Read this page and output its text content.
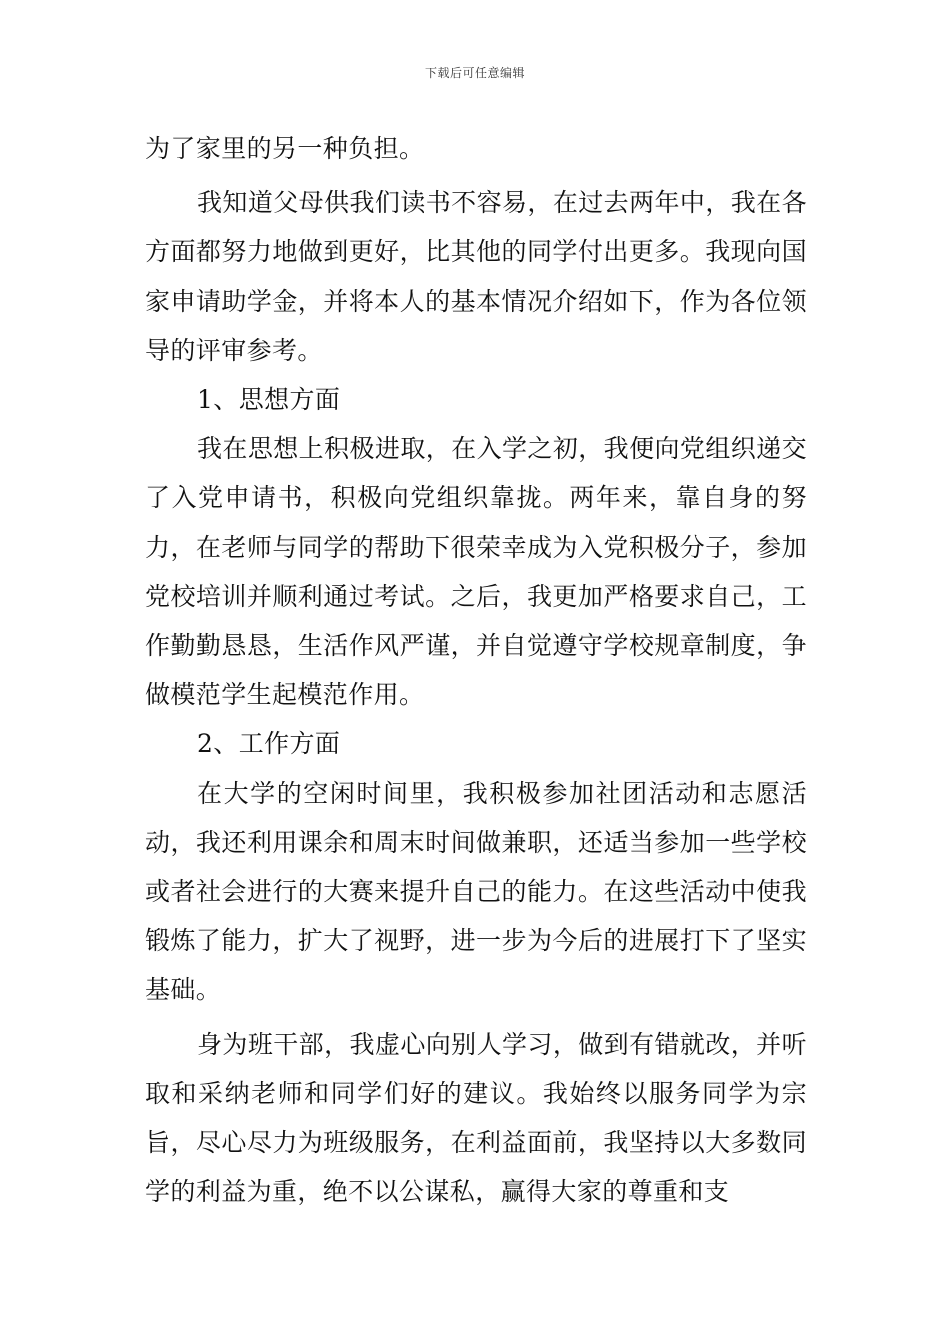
下载后可任意编辑

为了家里的另一种负担。

我知道父母供我们读书不容易，在过去两年中，我在各方面都努力地做到更好，比其他的同学付出更多。我现向国家申请助学金，并将本人的基本情况介绍如下，作为各位领导的评审参考。

1、思想方面

我在思想上积极进取，在入学之初，我便向党组织递交了入党申请书，积极向党组织靠拢。两年来，靠自身的努力，在老师与同学的帮助下很荣幸成为入党积极分子，参加党校培训并顺利通过考试。之后，我更加严格要求自己，工作勤勤恳恳，生活作风严谨，并自觉遵守学校规章制度，争做模范学生起模范作用。

2、工作方面

在大学的空闲时间里，我积极参加社团活动和志愿活动，我还利用课余和周末时间做兼职，还适当参加一些学校或者社会进行的大赛来提升自己的能力。在这些活动中使我锻炼了能力，扩大了视野，进一步为今后的进展打下了坚实基础。

身为班干部，我虚心向别人学习，做到有错就改，并听取和采纳老师和同学们好的建议。我始终以服务同学为宗旨，尽心尽力为班级服务，在利益面前，我坚持以大多数同学的利益为重，绝不以公谋私，赢得大家的尊重和支
